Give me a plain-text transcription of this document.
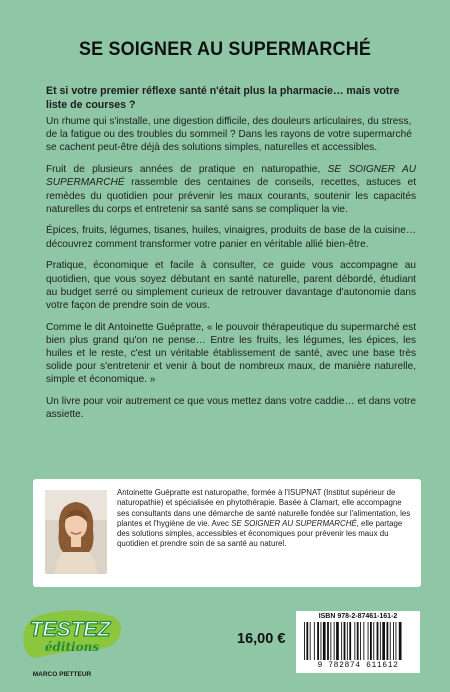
SE SOIGNER AU SUPERMARCHÉ

Et si votre premier réflexe santé n'était plus la pharmacie… mais votre liste de courses ?

Un rhume qui s'installe, une digestion difficile, des douleurs articulaires, du stress, de la fatigue ou des troubles du sommeil ? Dans les rayons de votre supermarché se cachent peut-être déjà des solutions simples, naturelles et accessibles.

Fruit de plusieurs années de pratique en naturopathie, SE SOIGNER AU SUPERMARCHÉ rassemble des centaines de conseils, recettes, astuces et remèdes du quotidien pour prévenir les maux courants, soutenir les capacités naturelles du corps et entretenir sa santé sans se compliquer la vie.

Épices, fruits, légumes, tisanes, huiles, vinaigres, produits de base de la cuisine… découvrez comment transformer votre panier en véritable allié bien-être.

Pratique, économique et facile à consulter, ce guide vous accompagne au quotidien, que vous soyez débutant en santé naturelle, parent débordé, étudiant au budget serré ou simplement curieux de retrouver davantage d'autonomie dans votre façon de prendre soin de vous.

Comme le dit Antoinette Guépratte, « le pouvoir thérapeutique du supermarché est bien plus grand qu'on ne pense… Entre les fruits, les légumes, les épices, les huiles et le reste, c'est un véritable établissement de santé, avec une base très solide pour s'entretenir et venir à bout de nombreux maux, de manière naturelle, simple et économique. »

Un livre pour voir autrement ce que vous mettez dans votre caddie… et dans votre assiette.

Antoinette Guépratte est naturopathe, formée à l'ISUPNAT (Institut supérieur de naturopathie) et spécialisée en phytothérapie. Basée à Clamart, elle accompagne ses consultants dans une démarche de santé naturelle fondée sur l'alimentation, les plantes et l'hygiène de vie. Avec SE SOIGNER AU SUPERMARCHÉ, elle partage des solutions simples, accessibles et économiques pour prévenir les maux du quotidien et prendre soin de sa santé au naturel.
TESTEZ
éditions
MARCO PIETTEUR
16,00 €
ISBN 978-2-87461-161-2
9 782874 611612
